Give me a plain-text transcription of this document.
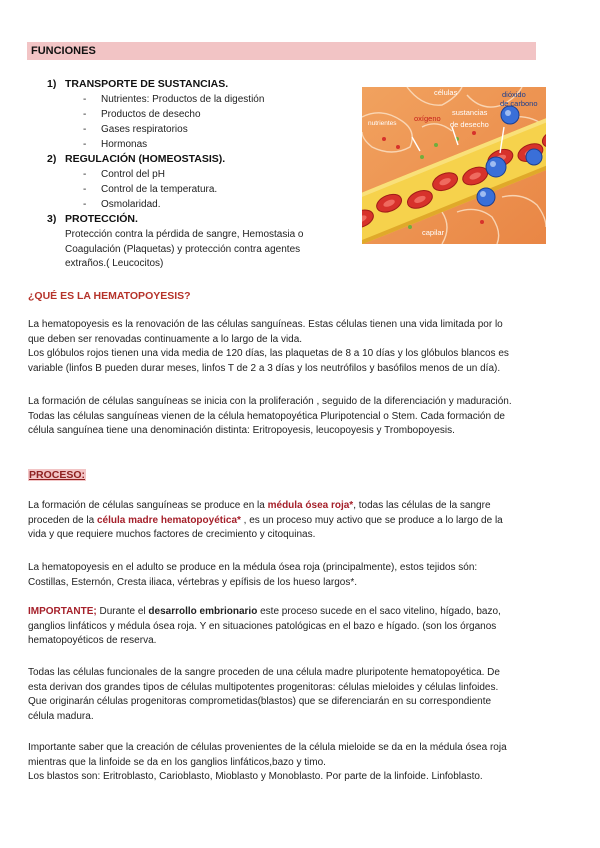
FUNCIONES
1) TRANSPORTE DE SUSTANCIAS.
- Nutrientes: Productos de la digestión
- Productos de desecho
- Gases respiratorios
- Hormonas
2) REGULACIÓN (HOMEOSTASIS).
- Control del pH
- Control de la temperatura.
- Osmolaridad.
3) PROTECCIÓN.
Protección contra la pérdida de sangre, Hemostasia o
Coagulación (Plaquetas) y protección contra agentes
extraños.( Leucocitos)
células	dióxido
de carbono
nutrientes
oxígeno
sustancias
de desecho
capilar
¿QUÉ ES LA HEMATOPOYESIS?
La hematopoyesis es la renovación de las células sanguíneas. Estas células tienen una vida limitada por lo
que deben ser renovadas continuamente a lo largo de la vida.
Los glóbulos rojos tienen una vida media de 120 días, las plaquetas de 8 a 10 días y los glóbulos blancos es
variable (linfos B pueden durar meses, linfos T de 2 a 3 días y los neutrófilos y basófilos menos de un día).
La formación de células sanguíneas se inicia con la proliferación , seguido de la diferenciación y maduración.
Todas las células sanguíneas vienen de la célula hematopoyética Pluripotencial o Stem. Cada formación de
célula sanguínea tiene una denominación distinta: Eritropoyesis, leucopoyesis y Trombopoyesis.
PROCESO:
La formación de células sanguíneas se produce en la médula ósea roja*, todas las células de la sangre
proceden de la célula madre hematopoyética* , es un proceso muy activo que se produce a lo largo de la
vida y que requiere muchos factores de crecimiento y citoquinas.
La hematopoyesis en el adulto se produce en la médula ósea roja (principalmente), estos tejidos són:
Costillas, Esternón, Cresta iliaca, vértebras y epífisis de los hueso largos*.
IMPORTANTE; Durante el desarrollo embrionario este proceso sucede en el saco vitelino, hígado, bazo,
ganglios linfáticos y médula ósea roja. Y en situaciones patológicas en el bazo e hígado. (son los órganos
hematopoyéticos de reserva.
Todas las células funcionales de la sangre proceden de una célula madre pluripotente hematopoyética. De
esta derivan dos grandes tipos de células multipotentes progenitoras: células mieloides y células linfoides.
Que originarán células progenitoras comprometidas(blastos) que se diferenciarán en su correspondiente
célula madura.
Importante saber que la creación de células provenientes de la célula mieloide se da en la médula ósea roja
mientras que la linfoide se da en los ganglios linfáticos,bazo y timo.
Los blastos son: Eritroblasto, Carioblasto, Mioblasto y Monoblasto. Por parte de la linfoide. Linfoblasto.
